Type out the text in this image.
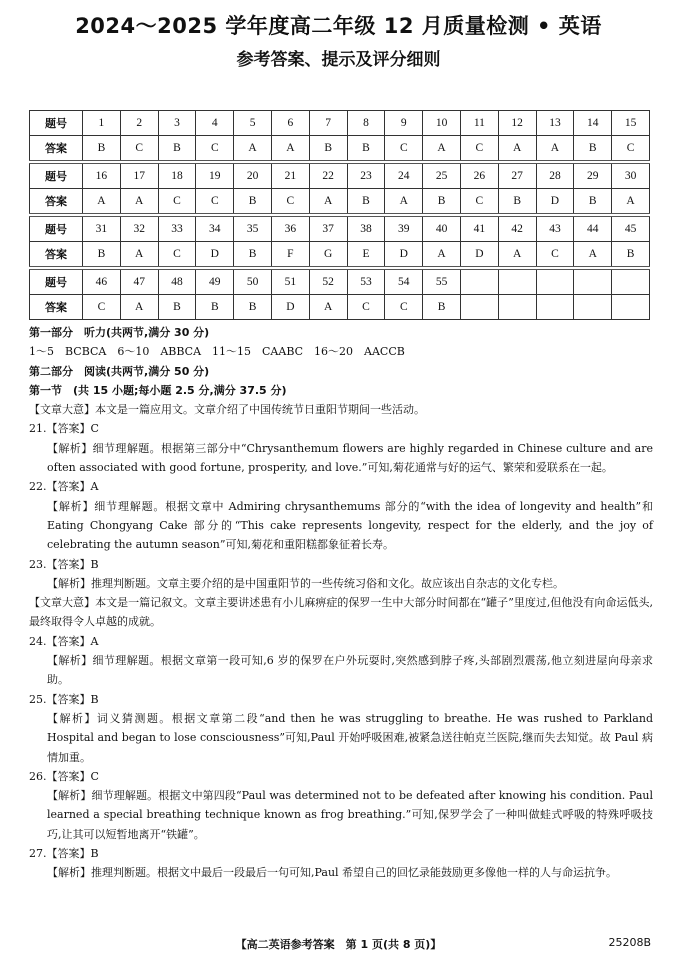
2024～2025 学年度高二年级 12 月质量检测 • 英语
参考答案、提示及评分细则
题号	1	2	3	4	5	6	7	8	9	10	11	12	13	14	15
答案	B	C	B	C	A	A	B	B	C	A	C	A	A	B	C
题号	16	17	18	19	20	21	22	23	24	25	26	27	28	29	30
答案	A	A	C	C	B	C	A	B	A	B	C	B	D	B	A
题号	31	32	33	34	35	36	37	38	39	40	41	42	43	44	45
答案	B	A	C	D	B	F	G	E	D	A	D	A	C	A	B
题号	46	47	48	49	50	51	52	53	54	55					
答案	C	A	B	B	B	D	A	C	C	B					

第一部分　听力(共两节,满分 30 分)

1～5　BCBCA　6～10　ABBCA　11～15　CAABC　16～20　AACCB

第二部分　阅读(共两节,满分 50 分)

第一节　(共 15 小题;每小题 2.5 分,满分 37.5 分)

【文章大意】本文是一篇应用文。文章介绍了中国传统节日重阳节期间一些活动。

21.【答案】C

【解析】细节理解题。根据第三部分中“Chrysanthemum flowers are highly regarded in Chinese culture and are often associated with good fortune, prosperity, and love.”可知,菊花通常与好的运气、繁荣和爱联系在一起。

22.【答案】A

【解析】细节理解题。根据文章中 Admiring chrysanthemums 部分的“with the idea of longevity and health”和 Eating Chongyang Cake 部分的“This cake represents longevity, respect for the elderly, and the joy of celebrating the autumn season”可知,菊花和重阳糕都象征着长寿。

23.【答案】B

【解析】推理判断题。文章主要介绍的是中国重阳节的一些传统习俗和文化。故应该出自杂志的文化专栏。

【文章大意】本文是一篇记叙文。文章主要讲述患有小儿麻痹症的保罗一生中大部分时间都在“罐子”里度过,但他没有向命运低头,最终取得令人卓越的成就。

24.【答案】A

【解析】细节理解题。根据文章第一段可知,6 岁的保罗在户外玩耍时,突然感到脖子疼,头部剧烈震荡,他立刻进屋向母亲求助。

25.【答案】B

【解析】词义猜测题。根据文章第二段“and then he was struggling to breathe. He was rushed to Parkland Hospital and began to lose consciousness”可知,Paul 开始呼吸困难,被紧急送往帕克兰医院,继而失去知觉。故 Paul 病情加重。

26.【答案】C

【解析】细节理解题。根据文中第四段“Paul was determined not to be defeated after knowing his condition. Paul learned a special breathing technique known as frog breathing.”可知,保罗学会了一种叫做蛙式呼吸的特殊呼吸技巧,让其可以短暂地离开“铁罐”。

27.【答案】B

【解析】推理判断题。根据文中最后一段最后一句可知,Paul 希望自己的回忆录能鼓励更多像他一样的人与命运抗争。

【高二英语参考答案　第 1 页(共 8 页)】	25208B
